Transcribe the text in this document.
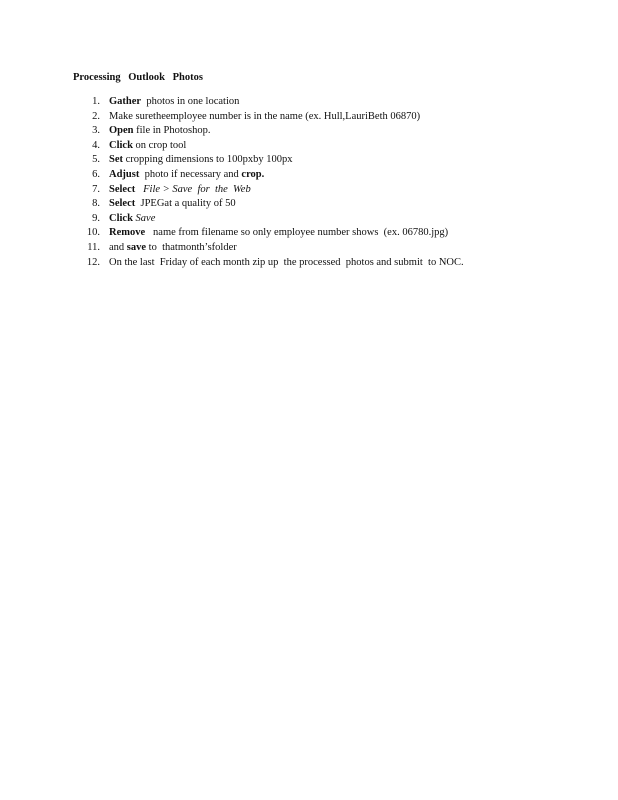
Processing Outlook Photos
1. Gather  photos in one location
2. Make suretheemployee number is in the name (ex. Hull,LauriBeth 06870)
3. Open file in Photoshop.
4. Click on crop tool
5. Set cropping dimensions to 100pxby 100px
6. Adjust  photo if necessary and crop.
7. Select File > Save  for  the  Web
8. Select  JPEGat a quality of 50
9. Click Save
10. Remove   name from filename so only employee number shows  (ex. 06780.jpg)
11. and save to  thatmonth’sfolder
12. On the last  Friday of each month zip up  the processed  photos and submit  to NOC.
